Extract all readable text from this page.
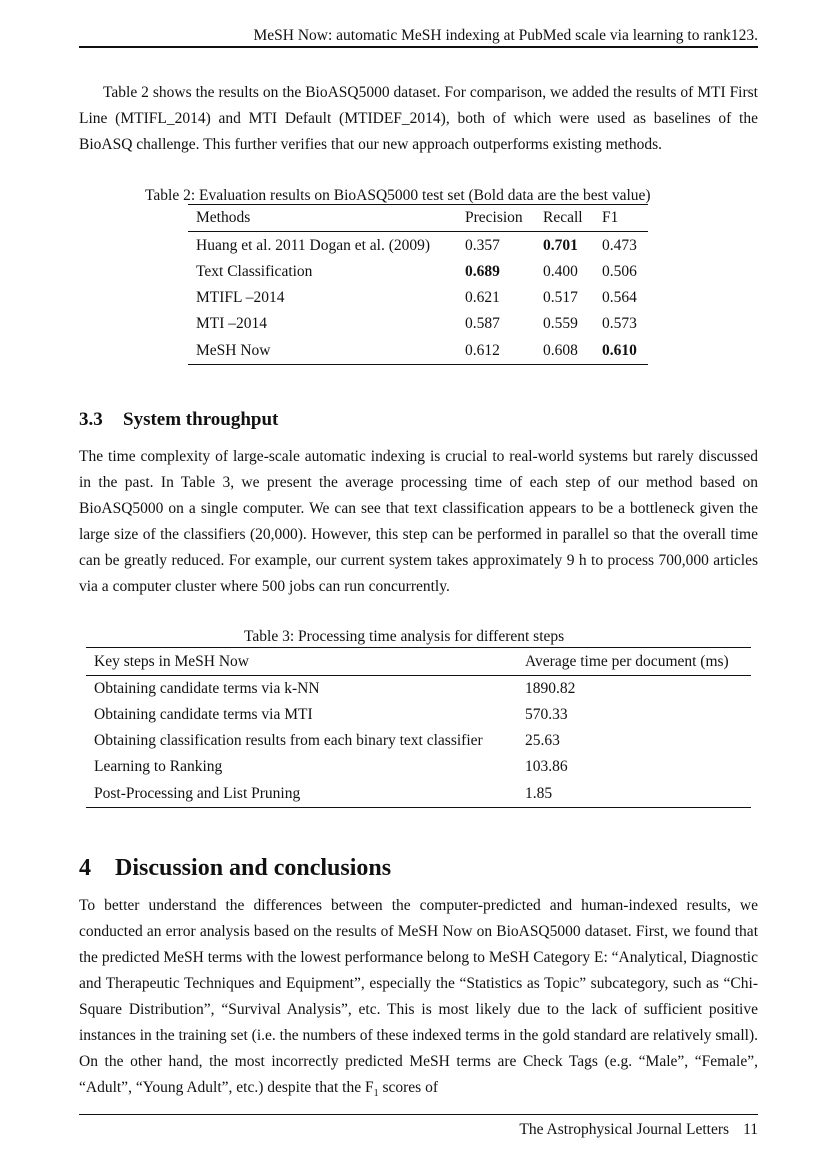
MeSH Now: automatic MeSH indexing at PubMed scale via learning to rank123.

Table 2 shows the results on the BioASQ5000 dataset. For comparison, we added the results of MTI First Line (MTIFL_2014) and MTI Default (MTIDEF_2014), both of which were used as baselines of the BioASQ challenge. This further verifies that our new approach outperforms existing methods.

Table 2: Evaluation results on BioASQ5000 test set (Bold data are the best value)
Methods	Precision	Recall	F1
Huang et al. 2011 Dogan et al. (2009)	0.357	0.701	0.473
Text Classification	0.689	0.400	0.506
MTIFL –2014	0.621	0.517	0.564
MTI –2014	0.587	0.559	0.573
MeSH Now	0.612	0.608	0.610
3.3 System throughput

The time complexity of large-scale automatic indexing is crucial to real-world systems but rarely discussed in the past. In Table 3, we present the average processing time of each step of our method based on BioASQ5000 on a single computer. We can see that text classification appears to be a bottleneck given the large size of the classifiers (20,000). However, this step can be performed in parallel so that the overall time can be greatly reduced. For example, our current system takes approximately 9 h to process 700,000 articles via a computer cluster where 500 jobs can run concurrently.

Table 3: Processing time analysis for different steps
Key steps in MeSH Now	Average time per document (ms)
Obtaining candidate terms via k-NN	1890.82
Obtaining candidate terms via MTI	570.33
Obtaining classification results from each binary text classifier	25.63
Learning to Ranking	103.86
Post-Processing and List Pruning	1.85
4 Discussion and conclusions

To better understand the differences between the computer-predicted and human-indexed results, we conducted an error analysis based on the results of MeSH Now on BioASQ5000 dataset. First, we found that the predicted MeSH terms with the lowest performance belong to MeSH Category E: “Analytical, Diagnostic and Therapeutic Techniques and Equipment”, especially the “Statistics as Topic” subcategory, such as “Chi-Square Distribution”, “Survival Analysis”, etc. This is most likely due to the lack of sufficient positive instances in the training set (i.e. the numbers of these indexed terms in the gold standard are relatively small). On the other hand, the most incorrectly predicted MeSH terms are Check Tags (e.g. “Male”, “Female”, “Adult”, “Young Adult”, etc.) despite that the $F_1$ scores of

The Astrophysical Journal Letters 11
